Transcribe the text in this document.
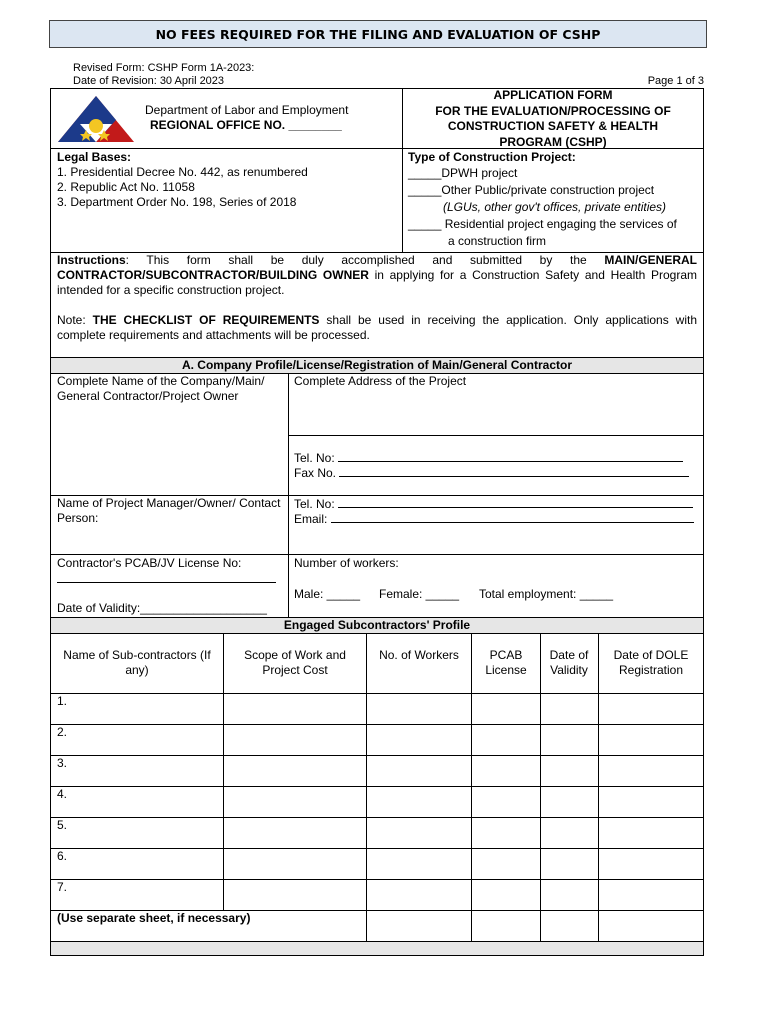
NO FEES REQUIRED FOR THE FILING AND EVALUATION OF CSHP
Revised Form: CSHP Form 1A-2023:
Date of Revision: 30 April 2023	Page 1 of 3
Department of Labor and Employment
REGIONAL OFFICE NO. ________
APPLICATION FORM
FOR THE EVALUATION/PROCESSING OF
CONSTRUCTION SAFETY & HEALTH
PROGRAM (CSHP)
Legal Bases:
1. Presidential Decree No. 442, as renumbered
2. Republic Act No. 11058
3. Department Order No. 198, Series of 2018
Type of Construction Project:
_____DPWH project
_____Other Public/private construction project
(LGUs, other gov't offices, private entities)
_____ Residential project engaging the services of
a construction firm
Instructions: This form shall be duly accomplished and submitted by the MAIN/GENERAL CONTRACTOR/SUBCONTRACTOR/BUILDING OWNER in applying for a Construction Safety and Health Program intended for a specific construction project.
Note: THE CHECKLIST OF REQUIREMENTS shall be used in receiving the application. Only applications with complete requirements and attachments will be processed.
A. Company Profile/License/Registration of Main/General Contractor
Complete Name of the Company/Main/ General Contractor/Project Owner
Complete Address of the Project
Tel. No:
Fax No.
Name of Project Manager/Owner/ Contact Person:
Tel. No:
Email:
Contractor's PCAB/JV License No:
Date of Validity:___________________
Number of workers:
Male: _____ Female: _____ Total employment: _____
Engaged Subcontractors' Profile
Name of Sub-contractors (If any)
Scope of Work and Project Cost
No. of Workers	PCAB License
Date of Validity
Date of DOLE Registration
1.
2.
3.
4.
5.
6.
7.
(Use separate sheet, if necessary)
